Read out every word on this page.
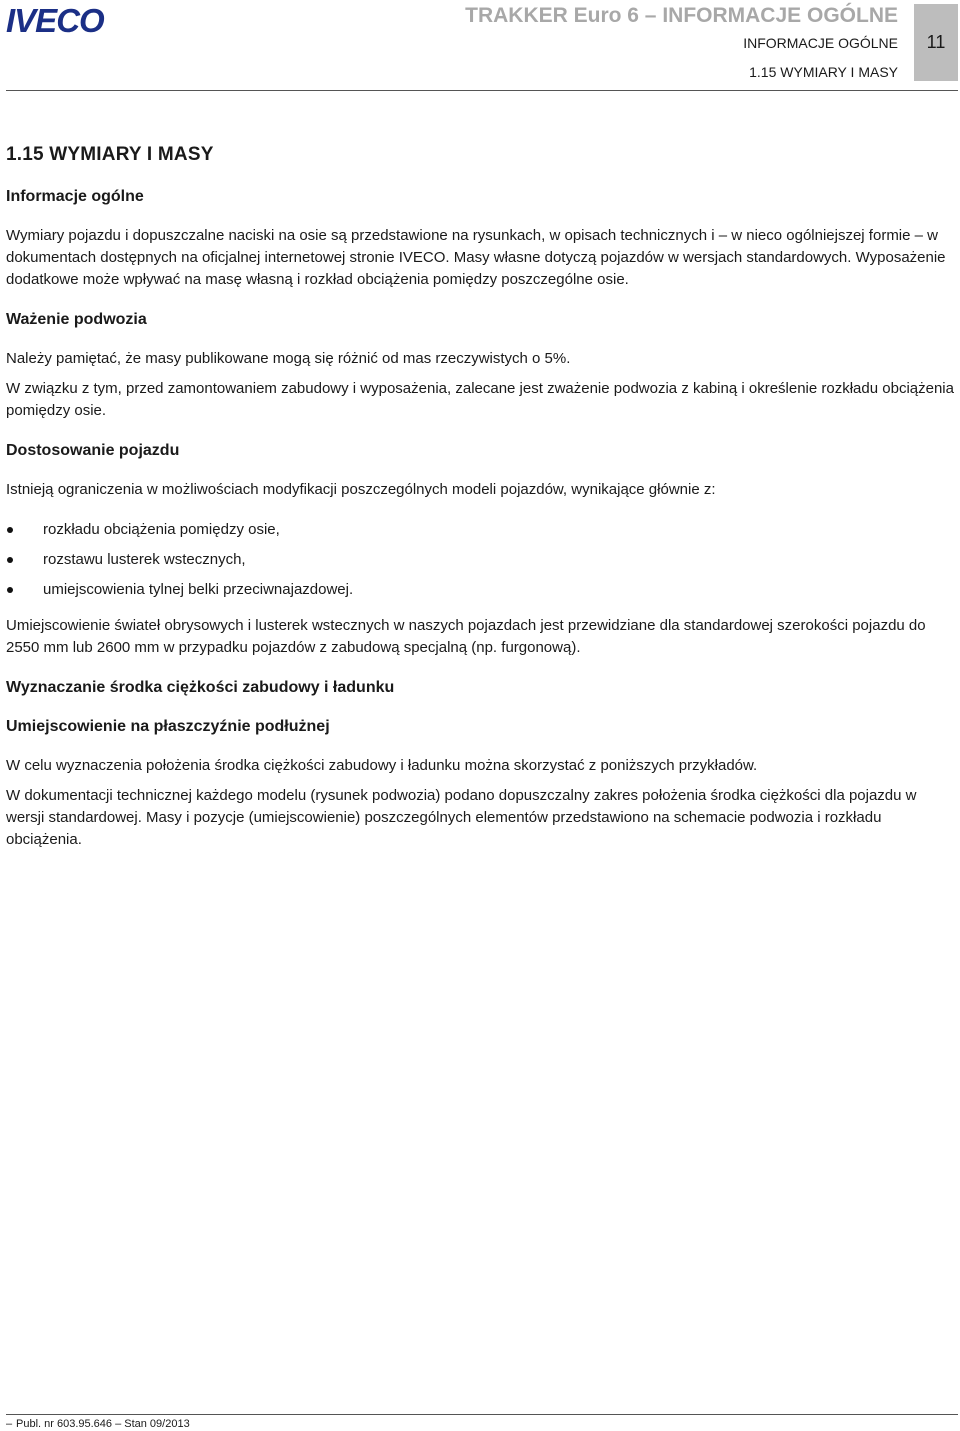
IVECO	TRAKKER Euro 6 – INFORMACJE OGÓLNE
INFORMACJE OGÓLNE
1.15 WYMIARY I MASY
11
1.15 WYMIARY I MASY
Informacje ogólne

Wymiary pojazdu i dopuszczalne naciski na osie są przedstawione na rysunkach, w opisach technicznych i – w nieco ogólniejszej formie – w dokumentach dostępnych na oficjalnej internetowej stronie IVECO. Masy własne dotyczą pojazdów w wersjach standardowych. Wyposażenie dodatkowe może wpływać na masę własną i rozkład obciążenia pomiędzy poszczególne osie.

Ważenie podwozia

Należy pamiętać, że masy publikowane mogą się różnić od mas rzeczywistych o 5%.

W związku z tym, przed zamontowaniem zabudowy i wyposażenia, zalecane jest zważenie podwozia z kabiną i określenie rozkładu obciążenia pomiędzy osie.

Dostosowanie pojazdu

Istnieją ograniczenia w możliwościach modyfikacji poszczególnych modeli pojazdów, wynikające głównie z:

rozkładu obciążenia pomiędzy osie,
rozstawu lusterek wstecznych,
umiejscowienia tylnej belki przeciwnajazdowej.

Umiejscowienie świateł obrysowych i lusterek wstecznych w naszych pojazdach jest przewidziane dla standardowej szerokości pojazdu do 2550 mm lub 2600 mm w przypadku pojazdów z zabudową specjalną (np. furgonową).

Wyznaczanie środka ciężkości zabudowy i ładunku
Umiejscowienie na płaszczyźnie podłużnej

W celu wyznaczenia położenia środka ciężkości zabudowy i ładunku można skorzystać z poniższych przykładów.

W dokumentacji technicznej każdego modelu (rysunek podwozia) podano dopuszczalny zakres położenia środka ciężkości dla pojazdu w wersji standardowej. Masy i pozycje (umiejscowienie) poszczególnych elementów przedstawiono na schemacie podwozia i rozkładu obciążenia.

– Publ. nr 603.95.646 – Stan 09/2013
